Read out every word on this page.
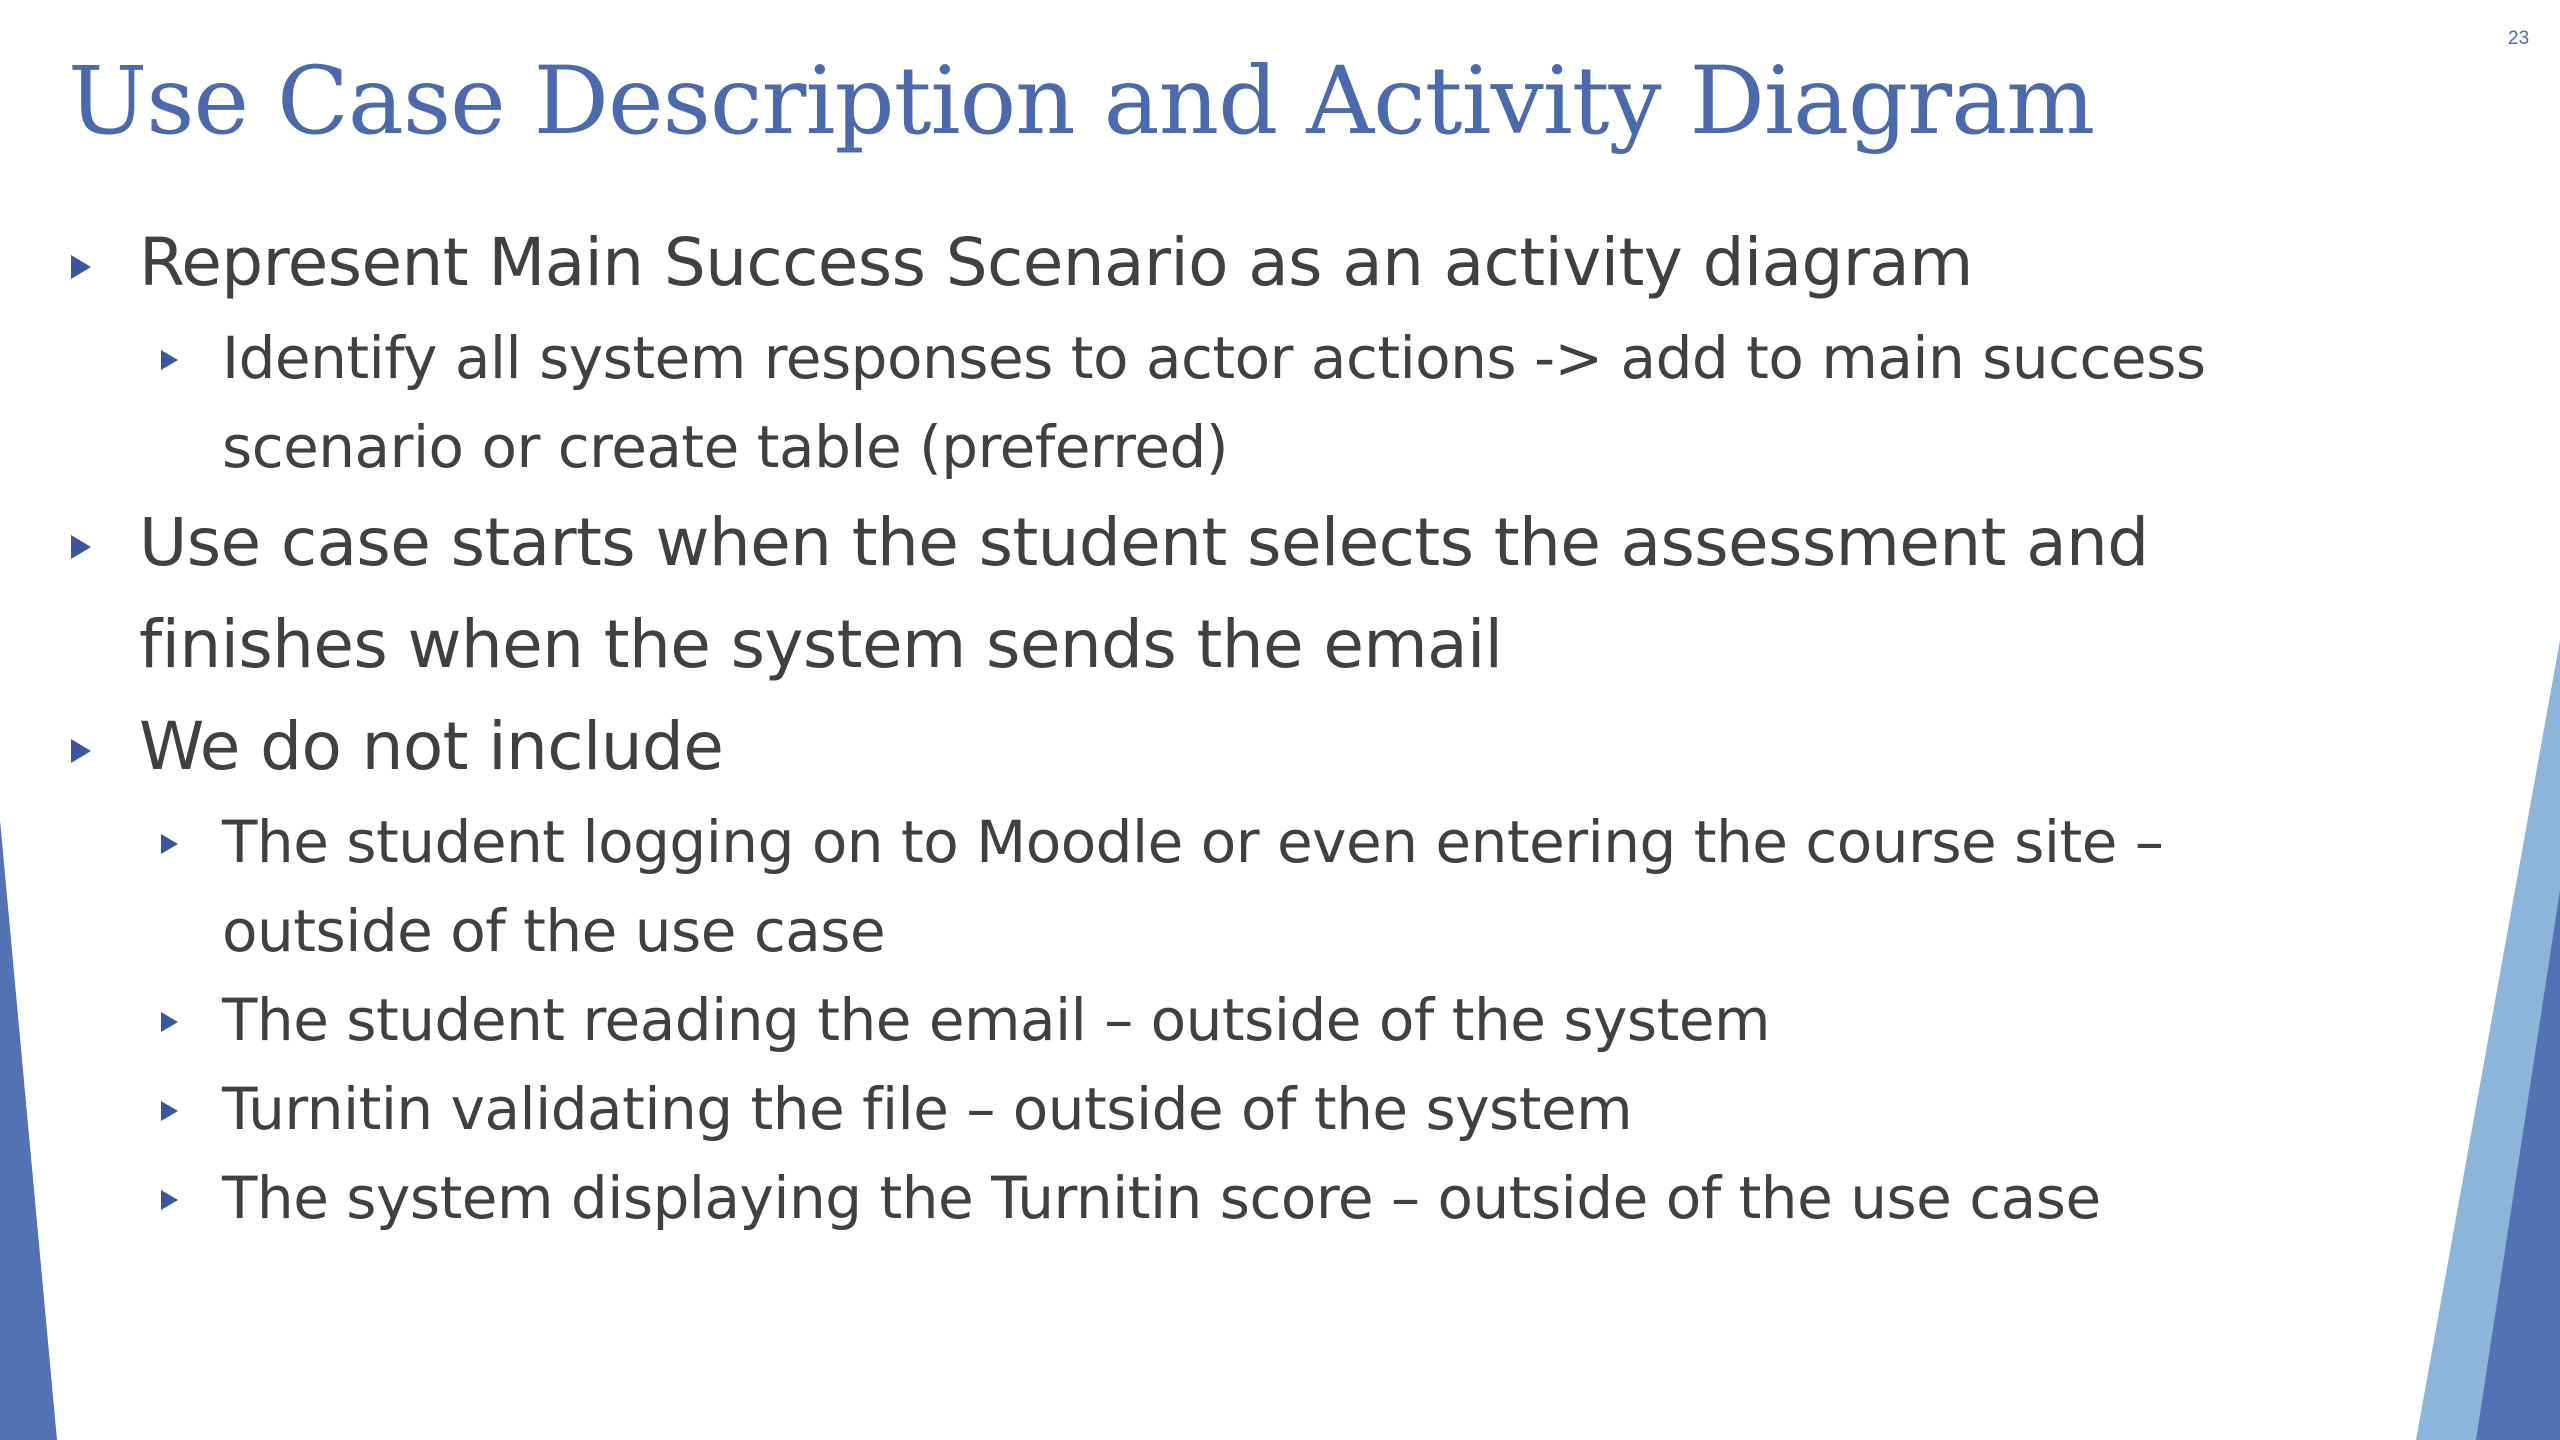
23
Use Case Description and Activity Diagram
Represent Main Success Scenario as an activity diagram
Identify all system responses to actor actions -> add to main success scenario or create table (preferred)
Use case starts when the student selects the assessment and finishes when the system sends the email
We do not include
The student logging on to Moodle or even entering the course site – outside of the use case
The student reading the email – outside of the system
Turnitin validating the file – outside of the system
The system displaying the Turnitin score – outside of the use case
